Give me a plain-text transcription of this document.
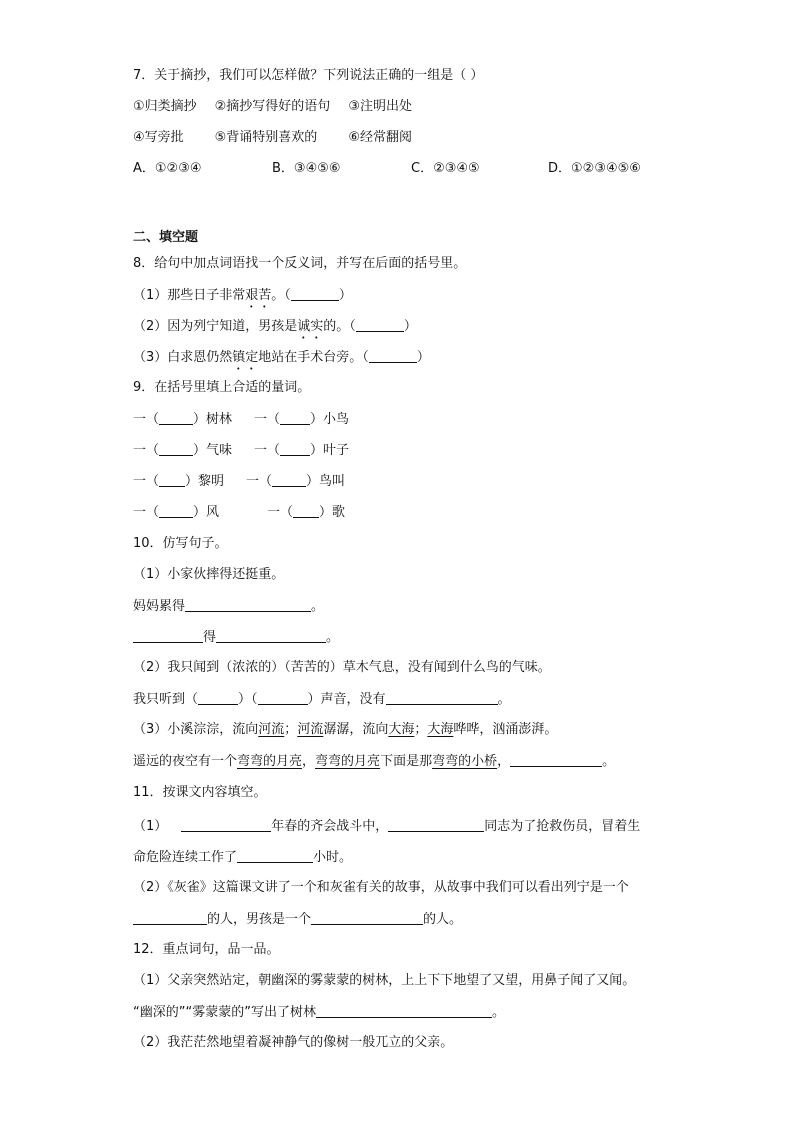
7．关于摘抄，我们可以怎样做？下列说法正确的一组是（ ）
①归类摘抄 ②摘抄写得好的语句 ③注明出处
④写旁批 ⑤背诵特别喜欢的 ⑥经常翻阅
A．①②③④	B．③④⑤⑥	C．②③④⑤	D．①②③④⑤⑥
二、填空题
8．给句中加点词语找一个反义词，并写在后面的括号里。
（1）那些日子非常艰苦。（	）
（2）因为列宁知道，男孩是诚实的。（	）
（3）白求恩仍然镇定地站在手术台旁。（	）
9．在括号里填上合适的量词。
一（	）树林 一（ ）小鸟
一（	）气味 一（ ）叶子
一（ ）黎明 一（	）鸟叫
一（	）风	一（ ）歌
10．仿写句子。
（1）小家伙摔得还挺重。
妈妈累得	。
得	。
（2）我只闻到（浓浓的）（苦苦的）草木气息，没有闻到什么鸟的气味。
我只听到（	）（	）声音，没有	。
（3）小溪淙淙，流向河流；河流潺潺，流向大海；大海哗哗，汹涌澎湃。
遥远的夜空有一个弯弯的月亮，弯弯的月亮下面是那弯弯的小桥，	。
11．按课文内容填空。
（1）	年春的齐会战斗中，	同志为了抢救伤员，冒着生
命危险连续工作了	小时。
（2）《灰雀》这篇课文讲了一个和灰雀有关的故事，从故事中我们可以看出列宁是一个
的人，男孩是一个	的人。
12．重点词句，品一品。
（1）父亲突然站定，朝幽深的雾蒙蒙的树林，上上下下地望了又望，用鼻子闻了又闻。
“幽深的”“雾蒙蒙的”写出了树林	。
（2）我茫茫然地望着凝神静气的像树一般兀立的父亲。
